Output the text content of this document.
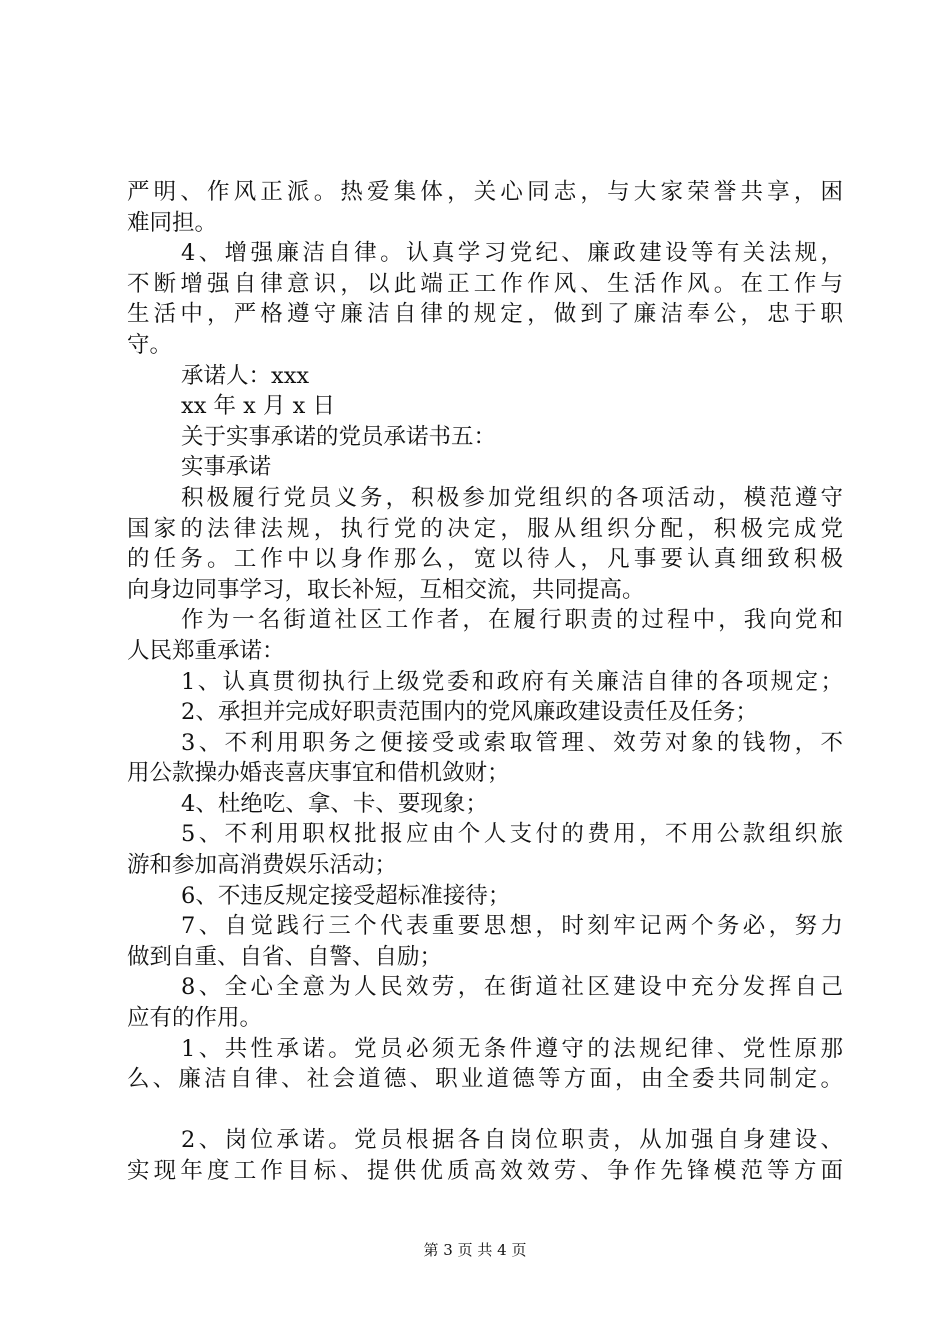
严明、作风正派。热爱集体，关心同志，与大家荣誉共享，困
难同担。
4、增强廉洁自律。认真学习党纪、廉政建设等有关法规，
不断增强自律意识，以此端正工作作风、生活作风。在工作与
生活中，严格遵守廉洁自律的规定，做到了廉洁奉公，忠于职
守。
承诺人：xxx
xx 年 x 月 x 日
关于实事承诺的党员承诺书五：
实事承诺
积极履行党员义务，积极参加党组织的各项活动，模范遵守
国家的法律法规，执行党的决定，服从组织分配，积极完成党
的任务。工作中以身作那么，宽以待人，凡事要认真细致积极
向身边同事学习，取长补短，互相交流，共同提高。
作为一名街道社区工作者，在履行职责的过程中，我向党和
人民郑重承诺：
1、认真贯彻执行上级党委和政府有关廉洁自律的各项规定；
2、承担并完成好职责范围内的党风廉政建设责任及任务；
3、不利用职务之便接受或索取管理、效劳对象的钱物，不
用公款操办婚丧喜庆事宜和借机敛财；
4、杜绝吃、拿、卡、要现象；
5、不利用职权批报应由个人支付的费用，不用公款组织旅
游和参加高消费娱乐活动；
6、不违反规定接受超标准接待；
7、自觉践行三个代表重要思想，时刻牢记两个务必，努力
做到自重、自省、自警、自励；
8、全心全意为人民效劳，在街道社区建设中充分发挥自己
应有的作用。
1、共性承诺。党员必须无条件遵守的法规纪律、党性原那
么、廉洁自律、社会道德、职业道德等方面，由全委共同制定。
2、岗位承诺。党员根据各自岗位职责，从加强自身建设、
实现年度工作目标、提供优质高效效劳、争作先锋模范等方面
第 3 页 共 4 页
